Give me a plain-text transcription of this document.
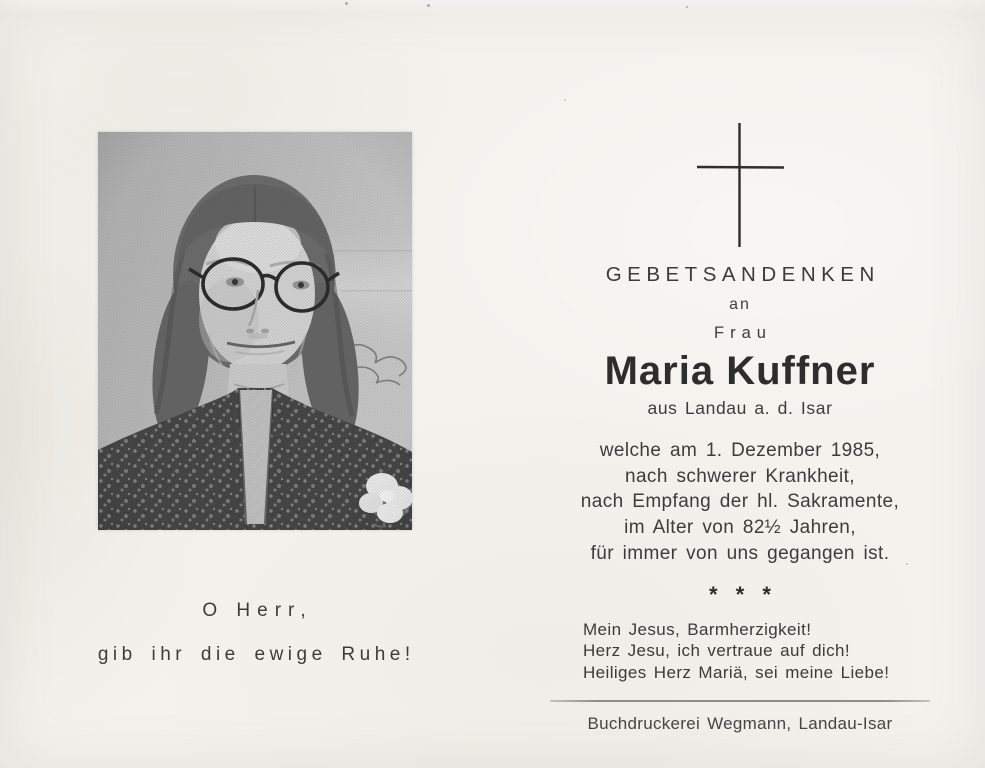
O Herr,
gib ihr die ewige Ruhe!
GEBETSANDENKEN
an
Frau
Maria Kuffner
aus Landau a. d. Isar
welche am 1. Dezember 1985,
nach schwerer Krankheit,
nach Empfang der hl. Sakramente,
im Alter von 82½ Jahren,
für immer von uns gegangen ist.
* * *
Mein Jesus, Barmherzigkeit!
Herz Jesu, ich vertraue auf dich!
Heiliges Herz Mariä, sei meine Liebe!
Buchdruckerei Wegmann, Landau-Isar
